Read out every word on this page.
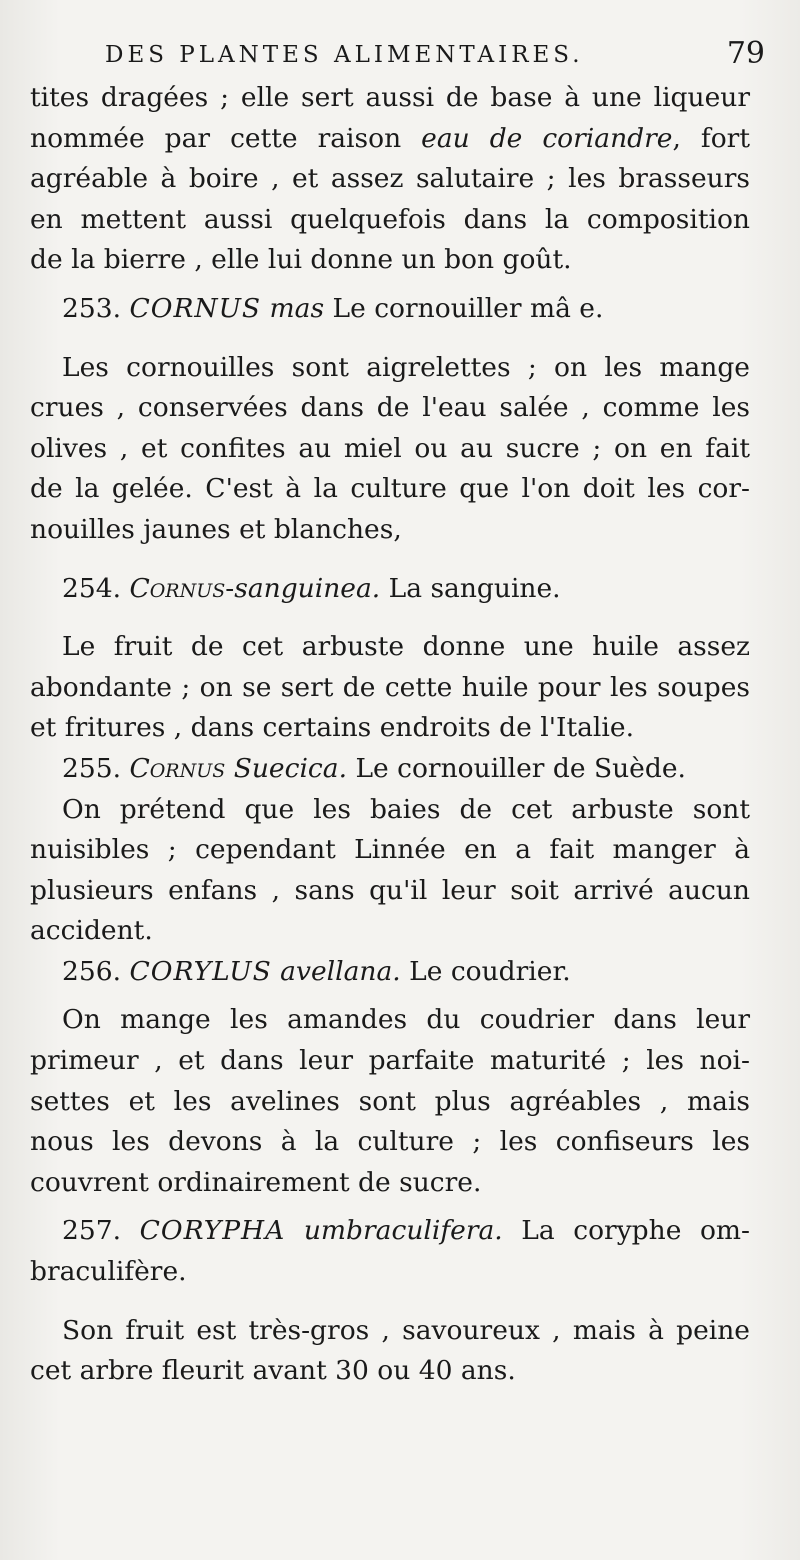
DES PLANTES ALIMENTAIRES.	79
tites dragées ; elle sert aussi de base à une liqueur
nommée par cette raison eau de coriandre, fort
agréable à boire , et assez salutaire ; les brasseurs
en mettent aussi quelquefois dans la composition
de la bierre , elle lui donne un bon goût.
253. CORNUS mas Le cornouiller mâ e.
Les cornouilles sont aigrelettes ; on les mange
crues , conservées dans de l'eau salée , comme les
olives , et confites au miel ou au sucre ; on en fait
de la gelée. C'est à la culture que l'on doit les cor-
nouilles jaunes et blanches,
254. Cornus-sanguinea. La sanguine.
Le fruit de cet arbuste donne une huile assez
abondante ; on se sert de cette huile pour les soupes
et fritures , dans certains endroits de l'Italie.
255. Cornus Suecica. Le cornouiller de Suède.
On prétend que les baies de cet arbuste sont
nuisibles ; cependant Linnée en a fait manger à
plusieurs enfans , sans qu'il leur soit arrivé aucun
accident.
256. CORYLUS avellana. Le coudrier.
On mange les amandes du coudrier dans leur
primeur , et dans leur parfaite maturité ; les noi-
settes et les avelines sont plus agréables , mais
nous les devons à la culture ; les confiseurs les
couvrent ordinairement de sucre.
257. CORYPHA umbraculifera. La coryphe om-
braculifère.
Son fruit est très-gros , savoureux , mais à peine
cet arbre fleurit avant 30 ou 40 ans.
